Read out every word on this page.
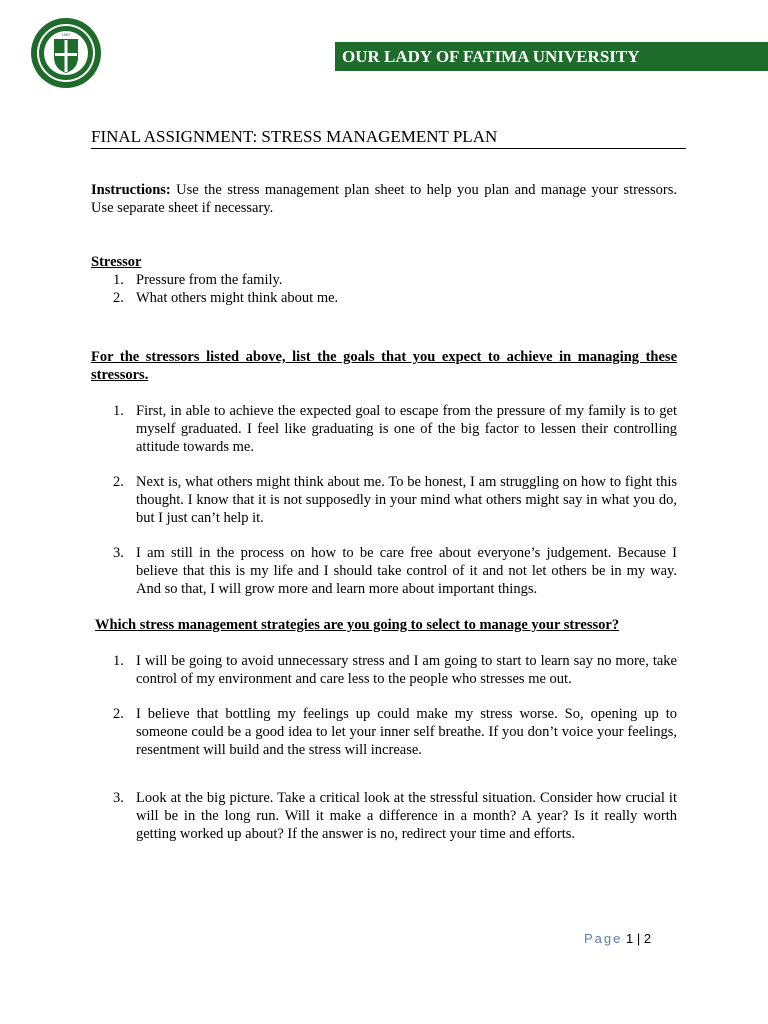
1967
OUR LADY OF FATIMA UNIVERSITY
FINAL ASSIGNMENT: STRESS MANAGEMENT PLAN
Instructions: Use the stress management plan sheet to help you plan and manage your stressors. Use separate sheet if necessary.
Stressor
1. Pressure from the family.
2. What others might think about me.
For the stressors listed above, list the goals that you expect to achieve in managing these stressors.
1. First, in able to achieve the expected goal to escape from the pressure of my family is to get myself graduated. I feel like graduating is one of the big factor to lessen their controlling attitude towards me.
2. Next is, what others might think about me. To be honest, I am struggling on how to fight this thought. I know that it is not supposedly in your mind what others might say in what you do, but I just can’t help it.
3. I am still in the process on how to be care free about everyone’s judgement. Because I believe that this is my life and I should take control of it and not let others be in my way. And so that, I will grow more and learn more about important things.
Which stress management strategies are you going to select to manage your stressor?
1. I will be going to avoid unnecessary stress and I am going to start to learn say no more, take control of my environment and care less to the people who stresses me out.
2. I believe that bottling my feelings up could make my stress worse. So, opening up to someone could be a good idea to let your inner self breathe. If you don’t voice your feelings, resentment will build and the stress will increase.
3. Look at the big picture. Take a critical look at the stressful situation. Consider how crucial it will be in the long run. Will it make a difference in a month? A year? Is it really worth getting worked up about? If the answer is no, redirect your time and efforts.
Page 1 | 2
